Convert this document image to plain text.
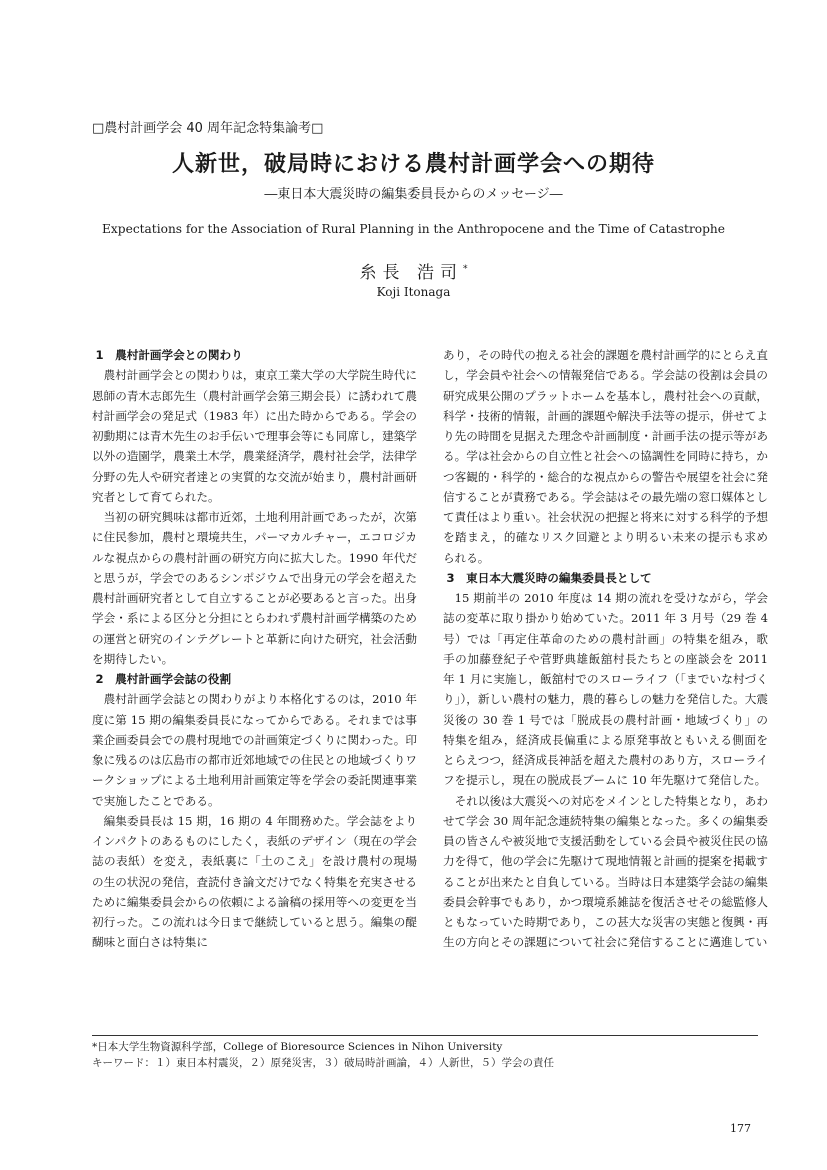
□農村計画学会 40 周年記念特集論考□
人新世，破局時における農村計画学会への期待
―東日本大震災時の編集委員長からのメッセージ―
Expectations for the Association of Rural Planning in the Anthropocene and the Time of Catastrophe
糸長 浩司*
Koji Itonaga
1　農村計画学会との関わり

農村計画学会との関わりは，東京工業大学の大学院生時代に恩師の青木志郎先生（農村計画学会第三期会長）に誘われて農村計画学会の発足式（1983 年）に出た時からである。学会の初動期には青木先生のお手伝いで理事会等にも同席し，建築学以外の造園学，農業土木学，農業経済学，農村社会学，法律学分野の先人や研究者達との実質的な交流が始まり，農村計画研究者として育てられた。

当初の研究興味は都市近郊，土地利用計画であったが，次第に住民参加，農村と環境共生，パーマカルチャー，エコロジカルな視点からの農村計画の研究方向に拡大した。1990 年代だと思うが，学会でのあるシンポジウムで出身元の学会を超えた農村計画研究者として自立することが必要あると言った。出身学会・系による区分と分担にとらわれず農村計画学構築のための運営と研究のインテグレートと革新に向けた研究，社会活動を期待したい。

2　農村計画学会誌の役割

農村計画学会誌との関わりがより本格化するのは，2010 年度に第 15 期の編集委員長になってからである。それまでは事業企画委員会での農村現地での計画策定づくりに関わった。印象に残るのは広島市の都市近郊地域での住民との地域づくりワークショップによる土地利用計画策定等を学会の委託関連事業で実施したことである。

編集委員長は 15 期，16 期の 4 年間務めた。学会誌をよりインパクトのあるものにしたく，表紙のデザイン（現在の学会誌の表紙）を変え，表紙裏に「土のこえ」を設け農村の現場の生の状況の発信，査読付き論文だけでなく特集を充実させるために編集委員会からの依頼による論稿の採用等への変更を当初行った。この流れは今日まで継続していると思う。編集の醍醐味と面白さは特集に

あり，その時代の抱える社会的課題を農村計画学的にとらえ直し，学会員や社会への情報発信である。学会誌の役割は会員の研究成果公開のプラットホームを基本し，農村社会への貢献，科学・技術的情報，計画的課題や解決手法等の提示，併せてより先の時間を見据えた理念や計画制度・計画手法の提示等がある。学は社会からの自立性と社会への協調性を同時に持ち，かつ客観的・科学的・総合的な視点からの警告や展望を社会に発信することが責務である。学会誌はその最先端の窓口媒体として責任はより重い。社会状況の把握と将来に対する科学的予想を踏まえ，的確なリスク回避とより明るい未来の提示も求められる。

3　東日本大震災時の編集委員長として

15 期前半の 2010 年度は 14 期の流れを受けながら，学会誌の変革に取り掛かり始めていた。2011 年 3 月号（29 巻 4 号）では「再定住革命のための農村計画」の特集を組み，歌手の加藤登紀子や菅野典雄飯舘村長たちとの座談会を 2011 年 1 月に実施し，飯舘村でのスローライフ（「までいな村づくり」），新しい農村の魅力，農的暮らしの魅力を発信した。大震災後の 30 巻 1 号では「脱成長の農村計画・地域づくり」の特集を組み，経済成長偏重による原発事故ともいえる側面をとらえつつ，経済成長神話を超えた農村のあり方，スローライフを提示し，現在の脱成長ブームに 10 年先駆けて発信した。

それ以後は大震災への対応をメインとした特集となり，あわせて学会 30 周年記念連続特集の編集となった。多くの編集委員の皆さんや被災地で支援活動をしている会員や被災住民の協力を得て，他の学会に先駆けて現地情報と計画的提案を掲載することが出来たと自負している。当時は日本建築学会誌の編集委員会幹事でもあり，かつ環境系雑誌を復活させその総監修人ともなっていた時期であり，この甚大な災害の実態と復興・再生の方向とその課題について社会に発信することに邁進してい

*日本大学生物資源科学部，College of Bioresource Sciences in Nihon University
キーワード：１）東日本村震災，２）原発災害，３）破局時計画論，４）人新世，５）学会の責任
177
